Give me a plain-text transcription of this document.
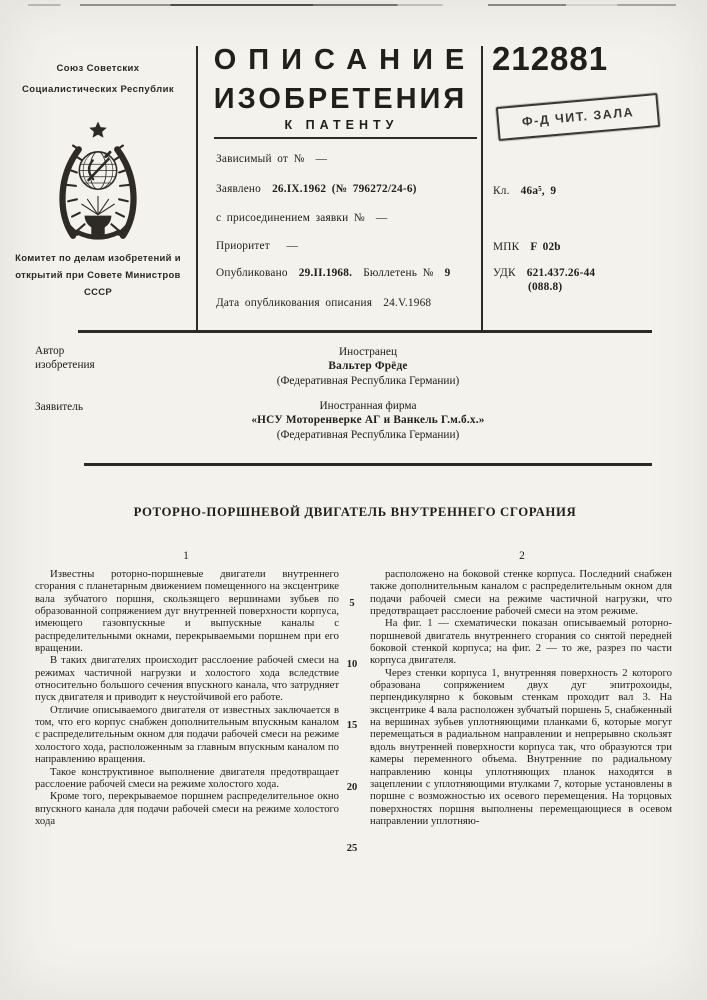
Союз Советских Социалистических Республик
Комитет по делам изобретений и открытий при Совете Министров СССР
ОПИСАНИЕ
ИЗОБРЕТЕНИЯ
К ПАТЕНТУ
212881
Ф-Д ЧИТ. ЗАЛА
Зависимый от № —
Заявлено 26.IX.1962 (№ 796272/24-6)
с присоединением заявки № —
Приоритет —
Опубликовано 29.II.1968. Бюллетень № 9
Дата опубликования описания 24.V.1968
Кл. 46a⁵, 9
МПК F 02b
УДК 621.437.26-44
(088.8)
Автор изобретения
Иностранец
Вальтер Фрёде
(Федеративная Республика Германии)
Заявитель	Иностранная фирма
«НСУ Моторенверке АГ и Ванкель Г.м.б.х.»
(Федеративная Республика Германии)
РОТОРНО-ПОРШНЕВОЙ ДВИГАТЕЛЬ ВНУТРЕННЕГО СГОРАНИЯ
1	2

Известны роторно-поршневые двигатели внутреннего сгорания с планетарным движением помещенного на эксцентрике вала зубчатого поршня, скользящего вершинами зубьев по образованной сопряжением дуг внутренней поверхности корпуса, имеющего газовпускные и выпускные каналы с распределительными окнами, перекрываемыми поршнем при его вращении.

В таких двигателях происходит расслоение рабочей смеси на режимах частичной нагрузки и холостого хода вследствие относительно большого сечения впускного канала, что затрудняет пуск двигателя и приводит к неустойчивой его работе.

Отличие описываемого двигателя от известных заключается в том, что его корпус снабжен дополнительным впускным каналом с распределительным окном для подачи рабочей смеси на режиме холостого хода, расположенным за главным впускным каналом по направлению вращения.

Такое конструктивное выполнение двигателя предотвращает расслоение рабочей смеси на режиме холостого хода.

Кроме того, перекрываемое поршнем распределительное окно впускного канала для подачи рабочей смеси на режиме холостого хода

расположено на боковой стенке корпуса. Последний снабжен также дополнительным каналом с распределительным окном для подачи рабочей смеси на режиме частичной нагрузки, что предотвращает расслоение рабочей смеси на этом режиме.

На фиг. 1 — схематически показан описываемый роторно-поршневой двигатель внутреннего сгорания со снятой передней боковой стенкой корпуса; на фиг. 2 — то же, разрез по части корпуса двигателя.

Через стенки корпуса 1, внутренняя поверхность 2 которого образована сопряжением двух дуг эпитрохоиды, перпендикулярно к боковым стенкам проходит вал 3. На эксцентрике 4 вала расположен зубчатый поршень 5, снабженный на вершинах зубьев уплотняющими планками 6, которые могут перемещаться в радиальном направлении и непрерывно скользят вдоль внутренней поверхности корпуса так, что образуются три камеры переменного объема. Внутренние по радиальному направлению концы уплотняющих планок находятся в зацеплении с уплотняющими втулками 7, которые установлены в поршне с возможностью их осевого перемещения. На торцовых поверхностях поршня выполнены перемещающиеся в осевом направлении уплотняю-

5
10
15
20
25
